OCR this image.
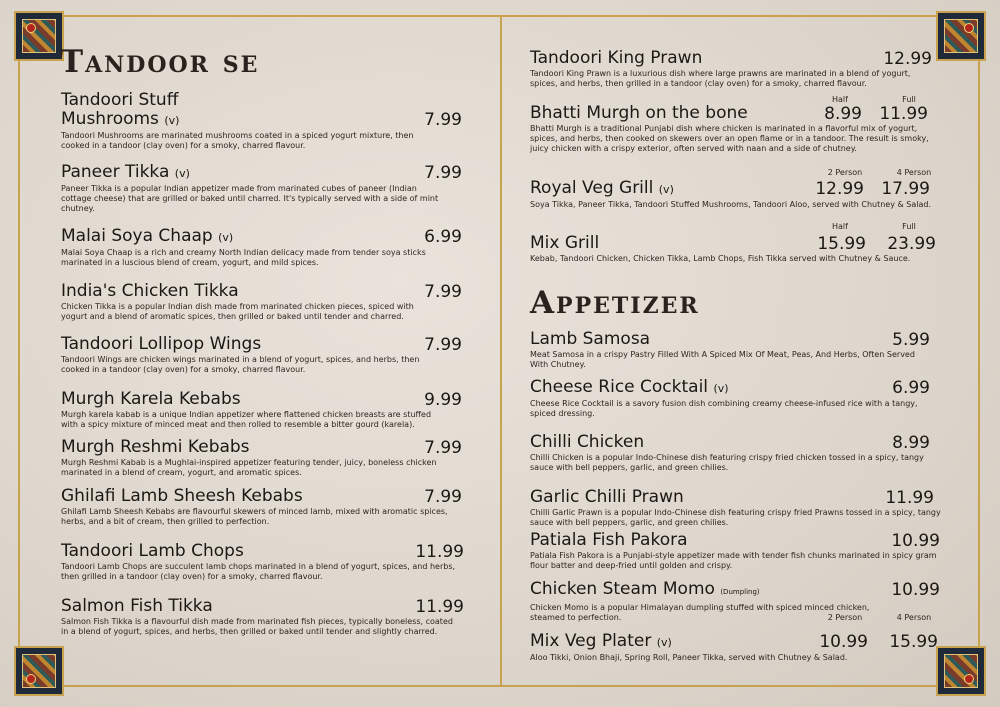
Tandoor se
Tandoori Stuff
Mushrooms (v)
Tandoori Mushrooms are marinated mushrooms coated in a spiced yogurt mixture, then cooked in a tandoor (clay oven) for a smoky, charred flavour.
7.99
Paneer Tikka (v)
Paneer Tikka is a popular Indian appetizer made from marinated cubes of paneer (Indian cottage cheese) that are grilled or baked until charred. It's typically served with a side of mint chutney.
7.99
Malai Soya Chaap (v)
Malai Soya Chaap is a rich and creamy North Indian delicacy made from tender soya sticks marinated in a luscious blend of cream, yogurt, and mild spices.
6.99
India's Chicken Tikka
Chicken Tikka is a popular Indian dish made from marinated chicken pieces, spiced with yogurt and a blend of aromatic spices, then grilled or baked until tender and charred.
7.99
Tandoori Lollipop Wings
Tandoori Wings are chicken wings marinated in a blend of yogurt, spices, and herbs, then cooked in a tandoor (clay oven) for a smoky, charred flavour.
7.99
Murgh Karela Kebabs
Murgh karela kabab is a unique Indian appetizer where flattened chicken breasts are stuffed with a spicy mixture of minced meat and then rolled to resemble a bitter gourd (karela).
9.99
Murgh Reshmi Kebabs
Murgh Reshmi Kabab is a Mughlai-inspired appetizer featuring tender, juicy, boneless chicken marinated in a blend of cream, yogurt, and aromatic spices.
7.99
Ghilafi Lamb Sheesh Kebabs
Ghilafi Lamb Sheesh Kebabs are flavourful skewers of minced lamb, mixed with aromatic spices, herbs, and a bit of cream, then grilled to perfection.
7.99
Tandoori Lamb Chops
Tandoori Lamb Chops are succulent lamb chops marinated in a blend of yogurt, spices, and herbs, then grilled in a tandoor (clay oven) for a smoky, charred flavour.
11.99
Salmon Fish Tikka
Salmon Fish Tikka is a flavourful dish made from marinated fish pieces, typically boneless, coated in a blend of yogurt, spices, and herbs, then grilled or baked until tender and slightly charred.
11.99
Tandoori King Prawn
Tandoori King Prawn is a luxurious dish where large prawns are marinated in a blend of yogurt, spices, and herbs, then grilled in a tandoor (clay oven) for a smoky, charred flavour.
12.99
Half	Full
Bhatti Murgh on the bone
Bhatti Murgh is a traditional Punjabi dish where chicken is marinated in a flavorful mix of yogurt, spices, and herbs, then cooked on skewers over an open flame or in a tandoor. The result is smoky, juicy chicken with a crispy exterior, often served with naan and a side of chutney.
8.99	11.99
2 Person	4 Person
Royal Veg Grill (v)
Soya Tikka, Paneer Tikka, Tandoori Stuffed Mushrooms, Tandoori Aloo, served with Chutney & Salad.
12.99	17.99
Half	Full
Mix Grill
Kebab, Tandoori Chicken, Chicken Tikka, Lamb Chops, Fish Tikka served with Chutney & Sauce.
15.99	23.99
Appetizer
Lamb Samosa
Meat Samosa in a crispy Pastry Filled With A Spiced Mix Of Meat, Peas, And Herbs, Often Served With Chutney.
5.99
Cheese Rice Cocktail (v)
Cheese Rice Cocktail is a savory fusion dish combining creamy cheese-infused rice with a tangy, spiced dressing.
6.99
Chilli Chicken
Chilli Chicken is a popular Indo-Chinese dish featuring crispy fried chicken tossed in a spicy, tangy sauce with bell peppers, garlic, and green chilies.
8.99
Garlic Chilli Prawn
Chilli Garlic Prawn is a popular Indo-Chinese dish featuring crispy fried Prawns tossed in a spicy, tangy sauce with bell peppers, garlic, and green chilies.
11.99
Patiala Fish Pakora
Patiala Fish Pakora is a Punjabi-style appetizer made with tender fish chunks marinated in spicy gram flour batter and deep-fried until golden and crispy.
10.99
Chicken Steam Momo (Dumpling)
Chicken Momo is a popular Himalayan dumpling stuffed with spiced minced chicken, steamed to perfection.
10.99
2 Person	4 Person
Mix Veg Plater (v)
Aloo Tikki, Onion Bhaji, Spring Roll, Paneer Tikka, served with Chutney & Salad.
10.99	15.99
